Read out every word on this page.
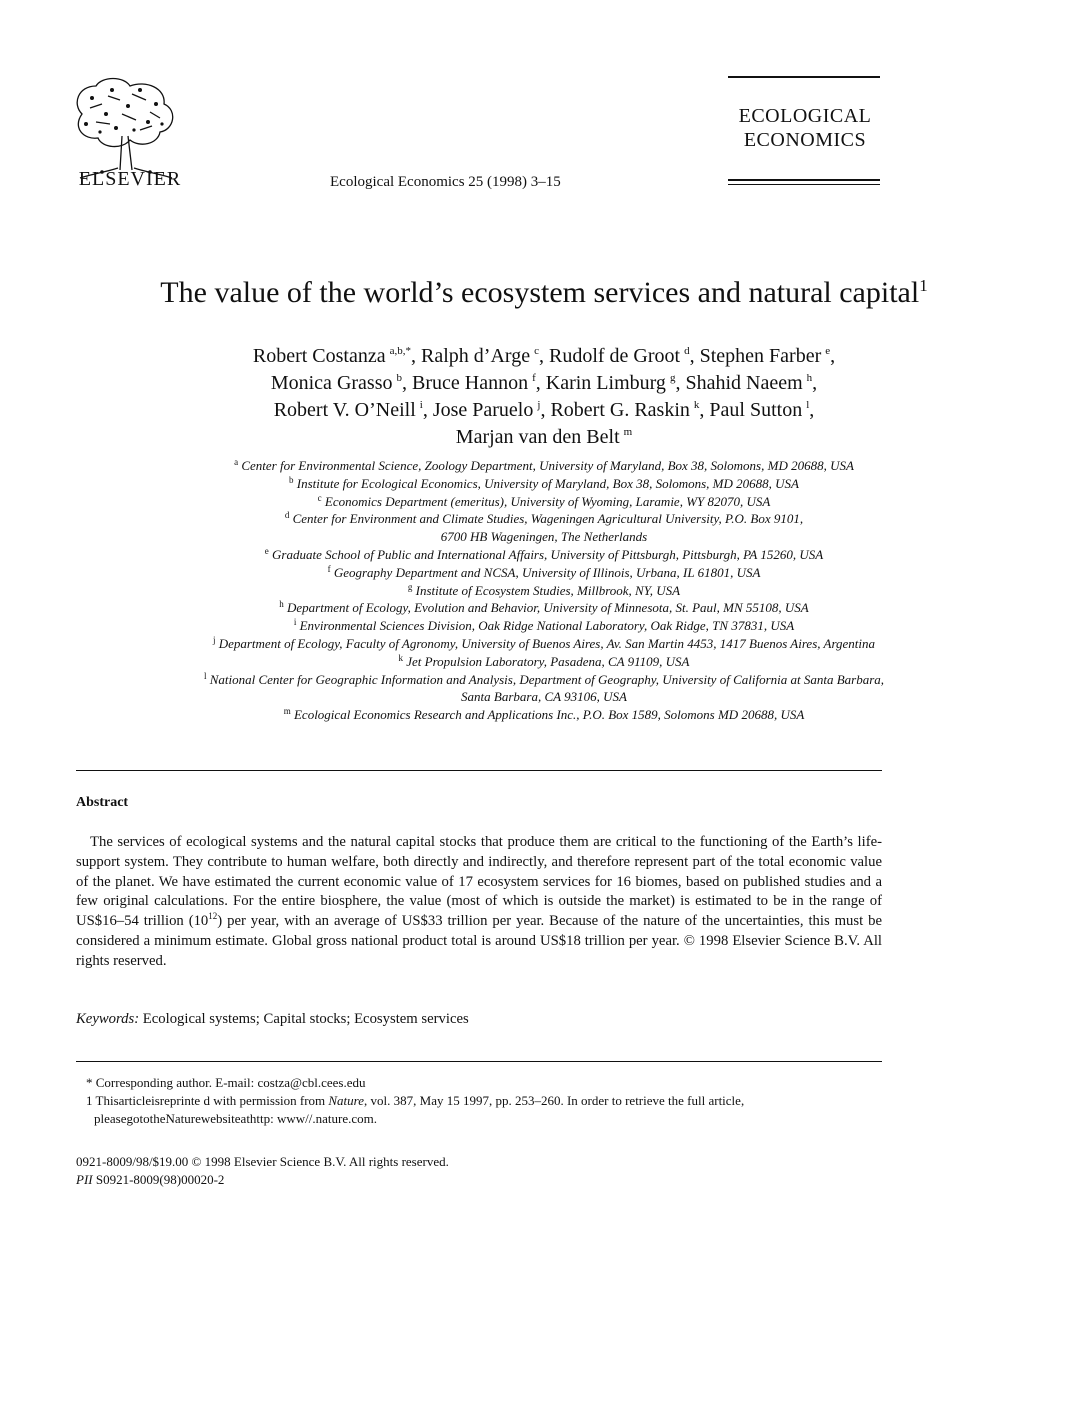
ELSEVIER	Ecological Economics 25 (1998) 3–15
ECOLOGICAL
ECONOMICS
The value of the world’s ecosystem services and natural capital$^1$
Robert Costanza  $^{a,b,*}$, Ralph d’Arge  $^c$, Rudolf de Groot  $^d$, Stephen Farber  $^e$,
Monica Grasso  $^b$, Bruce Hannon  $^f$, Karin Limburg  $^g$, Shahid Naeem  $^h$,
Robert V. O’Neill  $^i$, Jose Paruelo  $^j$, Robert G. Raskin  $^k$, Paul Sutton  $^l$,
Marjan van den Belt  $^m$
$^a$ Center for Environmental Science, Zoology Department, University of Maryland, Box 38, Solomons, MD 20688, USA
$^b$ Institute for Ecological Economics, University of Maryland, Box 38, Solomons, MD 20688, USA
$^c$ Economics Department (emeritus), University of Wyoming, Laramie, WY 82070, USA
$^d$ Center for Environment and Climate Studies, Wageningen Agricultural University, P.O. Box 9101,
6700 HB Wageningen, The Netherlands
$^e$ Graduate School of Public and International Affairs, University of Pittsburgh, Pittsburgh, PA 15260, USA
$^f$ Geography Department and NCSA, University of Illinois, Urbana, IL 61801, USA
$^g$ Institute of Ecosystem Studies, Millbrook, NY, USA
$^h$ Department of Ecology, Evolution and Behavior, University of Minnesota, St. Paul, MN 55108, USA
$^i$ Environmental Sciences Division, Oak Ridge National Laboratory, Oak Ridge, TN 37831, USA
$^j$ Department of Ecology, Faculty of Agronomy, University of Buenos Aires, Av. San Martin 4453, 1417 Buenos Aires, Argentina
$^k$ Jet Propulsion Laboratory, Pasadena, CA 91109, USA
$^l$ National Center for Geographic Information and Analysis, Department of Geography, University of California at Santa Barbara,
Santa Barbara, CA 93106, USA
$^m$ Ecological Economics Research and Applications Inc., P.O. Box 1589, Solomons MD 20688, USA
Abstract
The services of ecological systems and the natural capital stocks that produce them are critical to the functioning of the Earth’s life-support system. They contribute to human welfare, both directly and indirectly, and therefore represent part of the total economic value of the planet. We have estimated the current economic value of 17 ecosystem services for 16 biomes, based on published studies and a few original calculations. For the entire biosphere, the value (most of which is outside the market) is estimated to be in the range of US$16–54 trillion $(10^{12})$ per year, with an average of US$33 trillion per year. Because of the nature of the uncertainties, this must be considered a minimum estimate. Global gross national product total is around US$18 trillion per year. © 1998 Elsevier Science B.V. All rights reserved.
Keywords: Ecological systems; Capital stocks; Ecosystem services
* Corresponding author. E-mail: costza@cbl.cees.edu
1 Thisarticleisreprinte d with permission from Nature, vol. 387, May 15 1997, pp. 253–260. In order to retrieve the full article,
pleasegototheNaturewebsiteathttp: www//.nature.com.
0921-8009/98/$19.00 © 1998 Elsevier Science B.V. All rights reserved.
PII S0921-8009(98)00020-2
